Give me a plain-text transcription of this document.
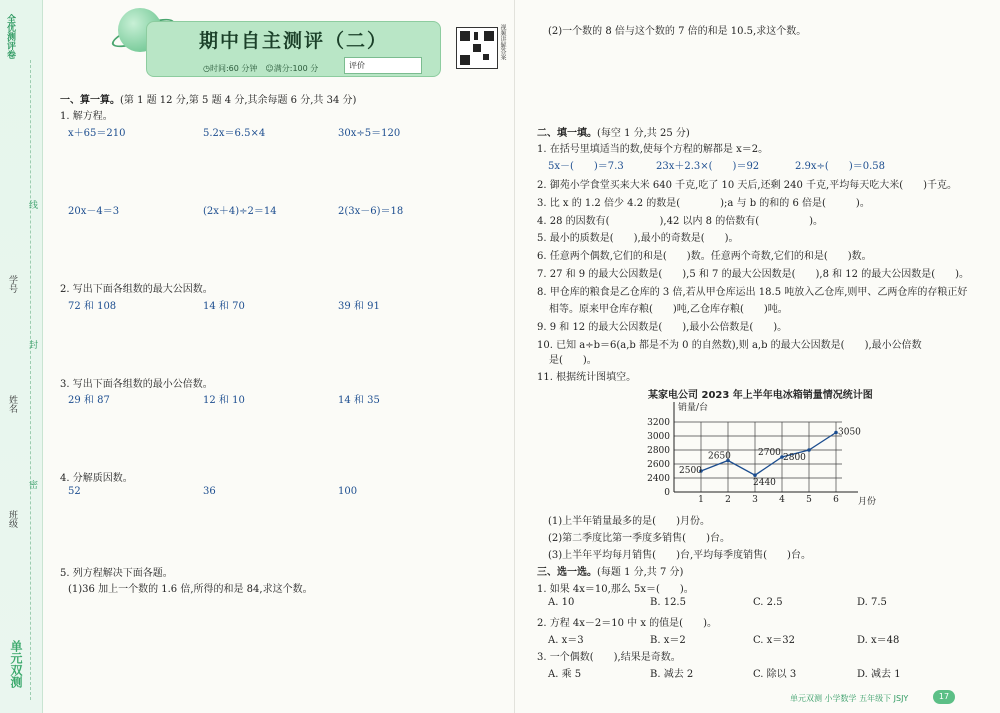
全优测评卷
线
封
密
学号
姓名
班级
单元双测
期中自主测评（二）
◷时间:60 分钟　 ☺满分:100 分	评价
视频讲解答案
一、算一算。(第 1 题 12 分,第 5 题 4 分,其余每题 6 分,共 34 分)
1. 解方程。
x＋65＝210	5.2x＝6.5×4	30x÷5＝120
20x－4＝3	(2x＋4)÷2＝14	2(3x－6)＝18
2. 写出下面各组数的最大公因数。
72 和 108	14 和 70	39 和 91
3. 写出下面各组数的最小公倍数。
29 和 87	12 和 10	14 和 35
4. 分解质因数。
52	36	100
5. 列方程解决下面各题。
(1)36 加上一个数的 1.6 倍,所得的和是 84,求这个数。
(2)一个数的 8 倍与这个数的 7 倍的和是 10.5,求这个数。
二、填一填。(每空 1 分,共 25 分)
1. 在括号里填适当的数,使每个方程的解都是 x＝2。
5x－(　　)＝7.3	23x＋2.3×(　　)＝92	2.9x÷(　　)＝0.58
2. 御苑小学食堂买来大米 640 千克,吃了 10 天后,还剩 240 千克,平均每天吃大米(　　)千克。
3. 比 x 的 1.2 倍少 4.2 的数是(　　　　);a 与 b 的和的 6 倍是(　　　)。
4. 28 的因数有(　　　　　),42 以内 8 的倍数有(　　　　　)。
5. 最小的质数是(　　),最小的奇数是(　　)。
6. 任意两个偶数,它们的和是(　　)数。任意两个奇数,它们的和是(　　)数。
7. 27 和 9 的最大公因数是(　　),5 和 7 的最大公因数是(　　),8 和 12 的最大公因数是(　　)。
8. 甲仓库的粮食是乙仓库的 3 倍,若从甲仓库运出 18.5 吨放入乙仓库,则甲、乙两仓库的存粮正好
相等。原来甲仓库存粮(　　)吨,乙仓库存粮(　　)吨。
9. 9 和 12 的最大公因数是(　　),最小公倍数是(　　)。
10. 已知 a÷b＝6(a,b 都是不为 0 的自然数),则 a,b 的最大公因数是(　　),最小公倍数
是(　　)。
11. 根据统计图填空。
某家电公司 2023 年上半年电冰箱销量情况统计图
0
2400
2600
2800
3000
3200
1 2 3 4 5 6
销量/台
月份
2500
2650
2440
2700 2800
3050
(1)上半年销量最多的是(　　)月份。
(2)第二季度比第一季度多销售(　　)台。
(3)上半年平均每月销售(　　)台,平均每季度销售(　　)台。
三、选一选。(每题 1 分,共 7 分)
1. 如果 4x＝10,那么 5x＝(　　)。
A. 10	B. 12.5	C. 2.5	D. 7.5
2. 方程 4x－2＝10 中 x 的值是(　　)。
A. x＝3	B. x＝2	C. x＝32	D. x＝48
3. 一个偶数(　　),结果是奇数。
A. 乘 5	B. 减去 2	C. 除以 3	D. 减去 1
单元双测 小学数学 五年级下 JSJY	17
